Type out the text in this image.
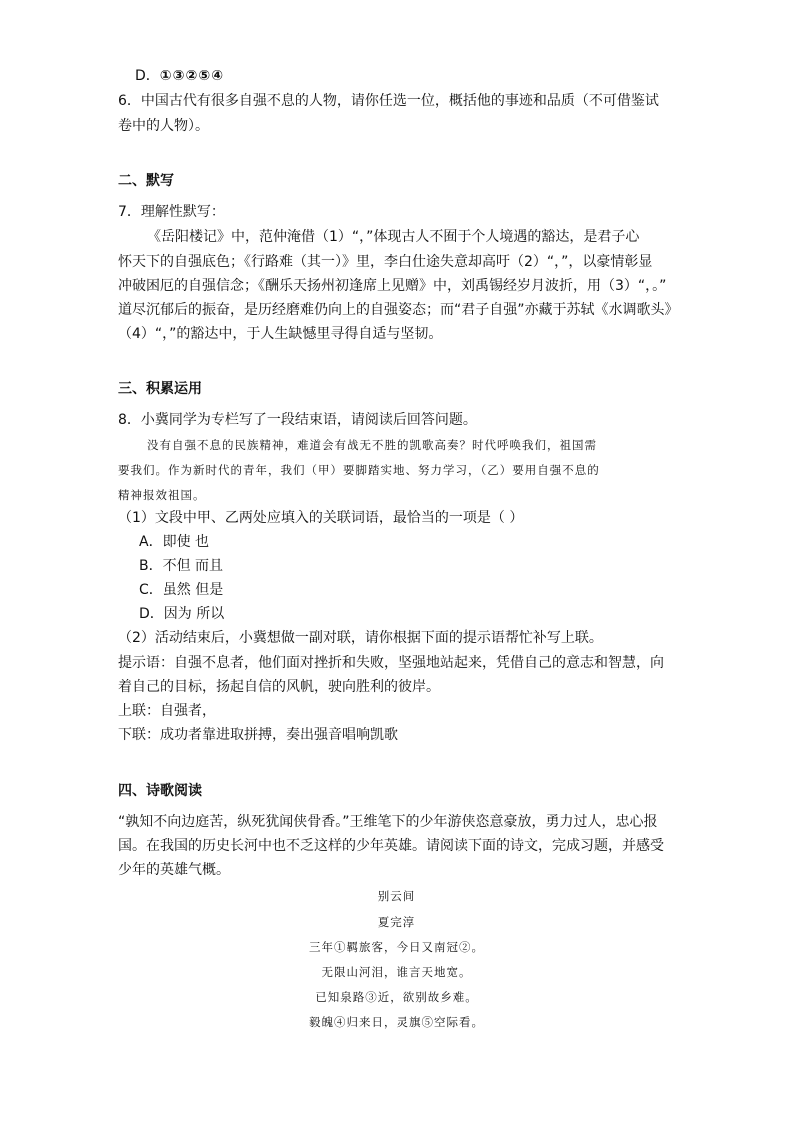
D．①③②⑤④
6．中国古代有很多自强不息的人物，请你任选一位，概括他的事迹和品质（不可借鉴试
卷中的人物）。
二、默写
7．理解性默写：
《岳阳楼记》中，范仲淹借（1）“，”体现古人不囿于个人境遇的豁达，是君子心
怀天下的自强底色；《行路难（其一）》里，李白仕途失意却高吁（2）“，”，以豪情彰显
冲破困厄的自强信念；《酬乐天扬州初逢席上见赠》中，刘禹锡经岁月波折，用（3）“，。”
道尽沉郁后的振奋，是历经磨难仍向上的自强姿态；而“君子自强”亦藏于苏轼《水调歌头》
（4）“，”的豁达中，于人生缺憾里寻得自适与坚韧。
三、积累运用
8．小冀同学为专栏写了一段结束语，请阅读后回答问题。
没有自强不息的民族精神，难道会有战无不胜的凯歌高奏？时代呼唤我们，祖国需
要我们。作为新时代的青年，我们（甲）要脚踏实地、努力学习，（乙）要用自强不息的
精神报效祖国。
（1）文段中甲、乙两处应填入的关联词语，最恰当的一项是（ ）
A．即使 也
B．不但 而且
C．虽然 但是
D．因为 所以
（2）活动结束后，小冀想做一副对联，请你根据下面的提示语帮忙补写上联。
提示语：自强不息者，他们面对挫折和失败，坚强地站起来，凭借自己的意志和智慧，向
着自己的目标，扬起自信的风帆，驶向胜利的彼岸。
上联：自强者，
下联：成功者靠进取拼搏，奏出强音唱响凯歌
四、诗歌阅读
“孰知不向边庭苦，纵死犹闻侠骨香。”王维笔下的少年游侠恣意豪放，勇力过人，忠心报
国。在我国的历史长河中也不乏这样的少年英雄。请阅读下面的诗文，完成习题，并感受
少年的英雄气概。
别云间
夏完淳
三年①羁旅客，今日又南冠②。
无限山河泪，谁言天地宽。
已知泉路③近，欲别故乡难。
毅魄④归来日，灵旗⑤空际看。
